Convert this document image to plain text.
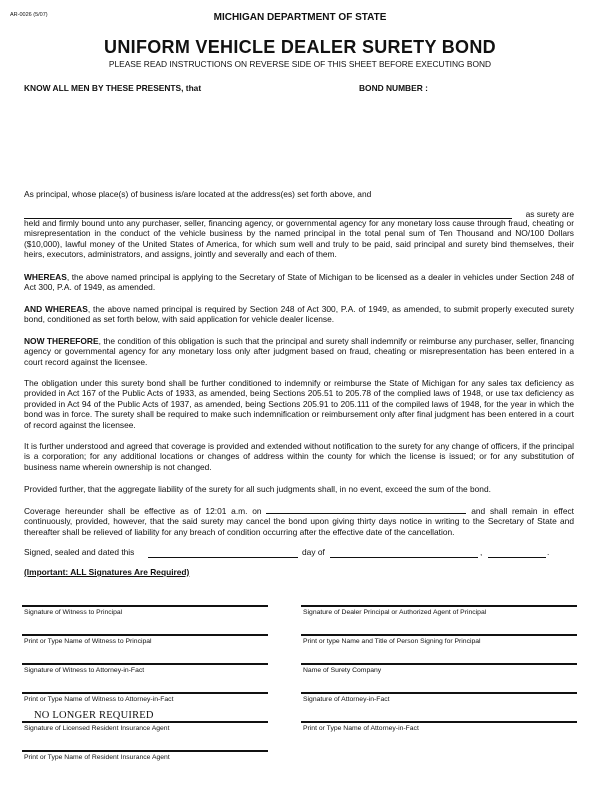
AR-0026 (5/07)	MICHIGAN DEPARTMENT OF STATE
UNIFORM VEHICLE DEALER SURETY BOND
PLEASE READ INSTRUCTIONS ON REVERSE SIDE OF THIS SHEET BEFORE EXECUTING BOND
KNOW ALL MEN BY THESE PRESENTS, that	BOND NUMBER :

As principal, whose place(s) of business is/are located at the address(es) set forth above, and

as surety are

held and firmly bound unto any purchaser, seller, financing agency, or governmental agency for any monetary loss cause through fraud, cheating or misrepresentation in the conduct of the vehicle business by the named principal in the total penal sum of Ten Thousand and NO/100 Dollars ($10,000), lawful money of the United States of America, for which sum well and truly to be paid, said principal and surety bind themselves, their heirs, executors, administrators, and assigns, jointly and severally and each of them.

WHEREAS, the above named principal is applying to the Secretary of State of Michigan to be licensed as a dealer in vehicles under Section 248 of Act 300, P.A. of 1949, as amended.

AND WHEREAS, the above named principal is required by Section 248 of Act 300, P.A. of 1949, as amended, to submit properly executed surety bond, conditioned as set forth below, with said application for vehicle dealer license.

NOW THEREFORE, the condition of this obligation is such that the principal and surety shall indemnify or reimburse any purchaser, seller, financing agency or governmental agency for any monetary loss only after judgment based on fraud, cheating or misrepresentation has been entered in a court record against the licensee.

The obligation under this surety bond shall be further conditioned to indemnify or reimburse the State of Michigan for any sales tax deficiency as provided in Act 167 of the Public Acts of 1933, as amended, being Sections 205.51 to 205.78 of the complied laws of 1948, or use tax deficiency as provided in Act 94 of the Public Acts of 1937, as amended, being Sections 205.91 to 205.111 of the compiled laws of 1948, for the year in which the bond was in force. The surety shall be required to make such indemnification or reimbursement only after final judgment has been entered in a court of record against the licensee.

It is further understood and agreed that coverage is provided and extended without notification to the surety for any change of officers, if the principal is a corporation; for any additional locations or changes of address within the county for which the license is issued; or for any substitution of business name wherein ownership is not changed.

Provided further, that the aggregate liability of the surety for all such judgments shall, in no event, exceed the sum of the bond.

Coverage hereunder shall be effective as of 12:01 a.m. on	and shall remain in effect continuously, provided, however, that the said surety may cancel the bond upon giving thirty days notice in writing to the Secretary of State and thereafter shall be relieved of liability for any breach of condition occurring after the effective date of the cancellation.

Signed, sealed and dated this	day of	,	.
(Important: ALL Signatures Are Required)
Signature of Witness to Principal
Print or Type Name of Witness to Principal
Signature of Witness to Attorney-in-Fact
Print or Type Name of Witness to Attorney-in-Fact
Signature of Licensed Resident Insurance Agent
Print or Type Name of Resident Insurance Agent
Signature of Dealer Principal or Authorized Agent of Principal
Print or type Name and Title of Person Signing for Principal
Name of Surety Company
Signature of Attorney-in-Fact
Print or Type Name of Attorney-in-Fact
NO LONGER REQUIRED
